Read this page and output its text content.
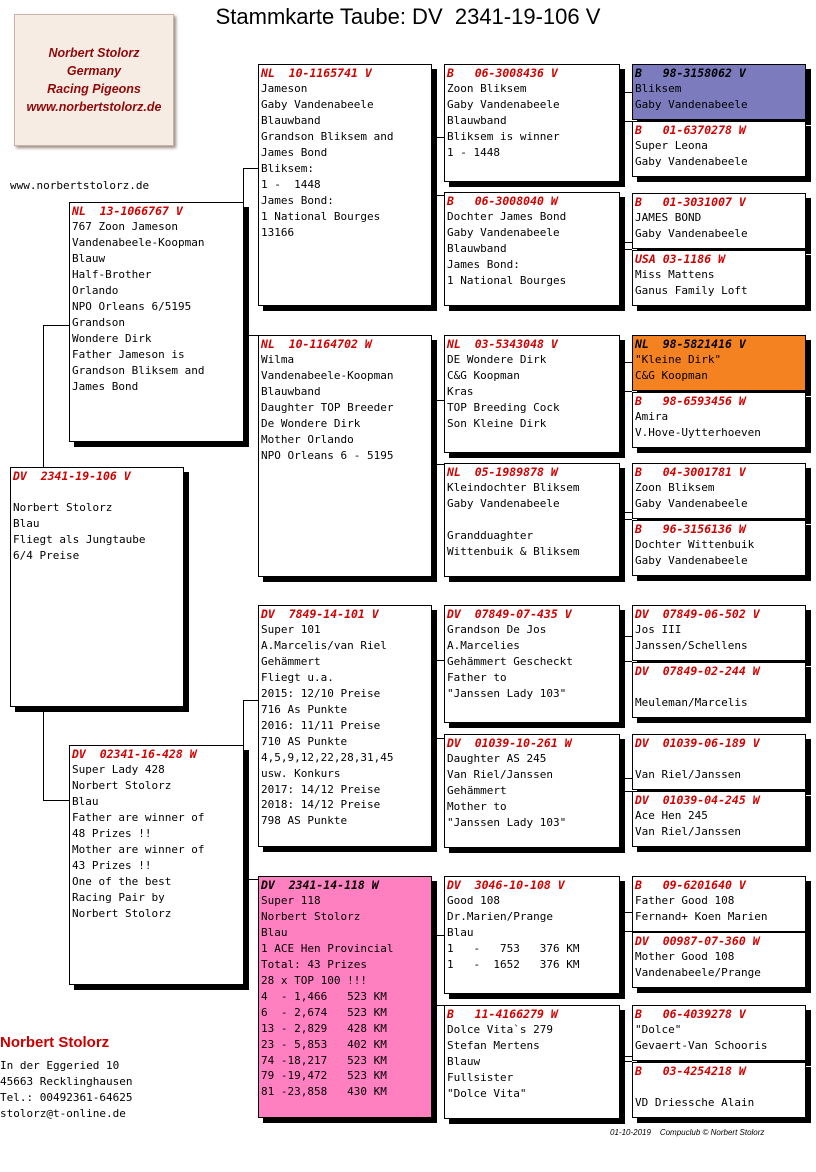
Stammkarte Taube: DV  2341-19-106 V
Norbert Stolorz
Germany
Racing Pigeons
www.norbertstolorz.de
www.norbertstolorz.de
DV  2341-19-106 V

Norbert Stolorz
Blau
Fliegt als Jungtaube
6/4 Preise
NL  13-1066767 V
767 Zoon Jameson
Vandenabeele-Koopman
Blauw
Half-Brother
Orlando
NPO Orleans 6/5195
Grandson
Wondere Dirk
Father Jameson is
Grandson Bliksem and
James Bond
DV  02341-16-428 W
Super Lady 428
Norbert Stolorz
Blau
Father are winner of
48 Prizes !!
Mother are winner of
43 Prizes !!
One of the best
Racing Pair by
Norbert Stolorz
NL  10-1165741 V
Jameson
Gaby Vandenabeele
Blauwband
Grandson Bliksem and
James Bond
Bliksem:
1 -  1448
James Bond:
1 National Bourges
13166
NL  10-1164702 W
Wilma
Vandenabeele-Koopman
Blauwband
Daughter TOP Breeder
De Wondere Dirk
Mother Orlando
NPO Orleans 6 - 5195
DV  7849-14-101 V
Super 101
A.Marcelis/van Riel
Gehämmert
Fliegt u.a.
2015: 12/10 Preise
716 As Punkte
2016: 11/11 Preise
710 AS Punkte
4,5,9,12,22,28,31,45
usw. Konkurs
2017: 14/12 Preise
2018: 14/12 Preise
798 AS Punkte
DV  2341-14-118 W
Super 118
Norbert Stolorz
Blau
1 ACE Hen Provincial
Total: 43 Prizes
28 x TOP 100 !!!
4  - 1,466   523 KM
6  - 2,674   523 KM
13 - 2,829   428 KM
23 - 5,853   402 KM
74 -18,217   523 KM
79 -19,472   523 KM
81 -23,858   430 KM
B   06-3008436 V
Zoon Bliksem
Gaby Vandenabeele
Blauwband
Bliksem is winner
1 - 1448
B   06-3008040 W
Dochter James Bond
Gaby Vandenabeele
Blauwband
James Bond:
1 National Bourges
NL  03-5343048 V
DE Wondere Dirk
C&G Koopman
Kras
TOP Breeding Cock
Son Kleine Dirk
NL  05-1989878 W
Kleindochter Bliksem
Gaby Vandenabeele

Grandduaghter
Wittenbuik & Bliksem
DV  07849-07-435 V
Grandson De Jos
A.Marcelies
Gehämmert Gescheckt
Father to
"Janssen Lady 103"
DV  01039-10-261 W
Daughter AS 245
Van Riel/Janssen
Gehämmert
Mother to
"Janssen Lady 103"
DV  3046-10-108 V
Good 108
Dr.Marien/Prange
Blau
1   -   753   376 KM
1   -  1652   376 KM
B   11-4166279 W
Dolce Vita`s 279
Stefan Mertens
Blauw
Fullsister
"Dolce Vita"
B   98-3158062 V
Bliksem
Gaby Vandenabeele
B   01-6370278 W
Super Leona
Gaby Vandenabeele
B   01-3031007 V
JAMES BOND
Gaby Vandenabeele
USA 03-1186 W
Miss Mattens
Ganus Family Loft
NL  98-5821416 V
"Kleine Dirk"
C&G Koopman
B   98-6593456 W
Amira
V.Hove-Uytterhoeven
B   04-3001781 V
Zoon Bliksem
Gaby Vandenabeele
B   96-3156136 W
Dochter Wittenbuik
Gaby Vandenabeele
DV  07849-06-502 V
Jos III
Janssen/Schellens
DV  07849-02-244 W

Meuleman/Marcelis
DV  01039-06-189 V

Van Riel/Janssen
DV  01039-04-245 W
Ace Hen 245
Van Riel/Janssen
B   09-6201640 V
Father Good 108
Fernand+ Koen Marien
DV  00987-07-360 W
Mother Good 108
Vandenabeele/Prange
B   06-4039278 V
"Dolce"
Gevaert-Van Schooris
B   03-4254218 W

VD Driessche Alain
Norbert Stolorz
In der Eggeried 10
45663 Recklinghausen
Tel.: 00492361-64625
stolorz@t-online.de
01-10-2019    Compuclub © Norbert Stolorz
